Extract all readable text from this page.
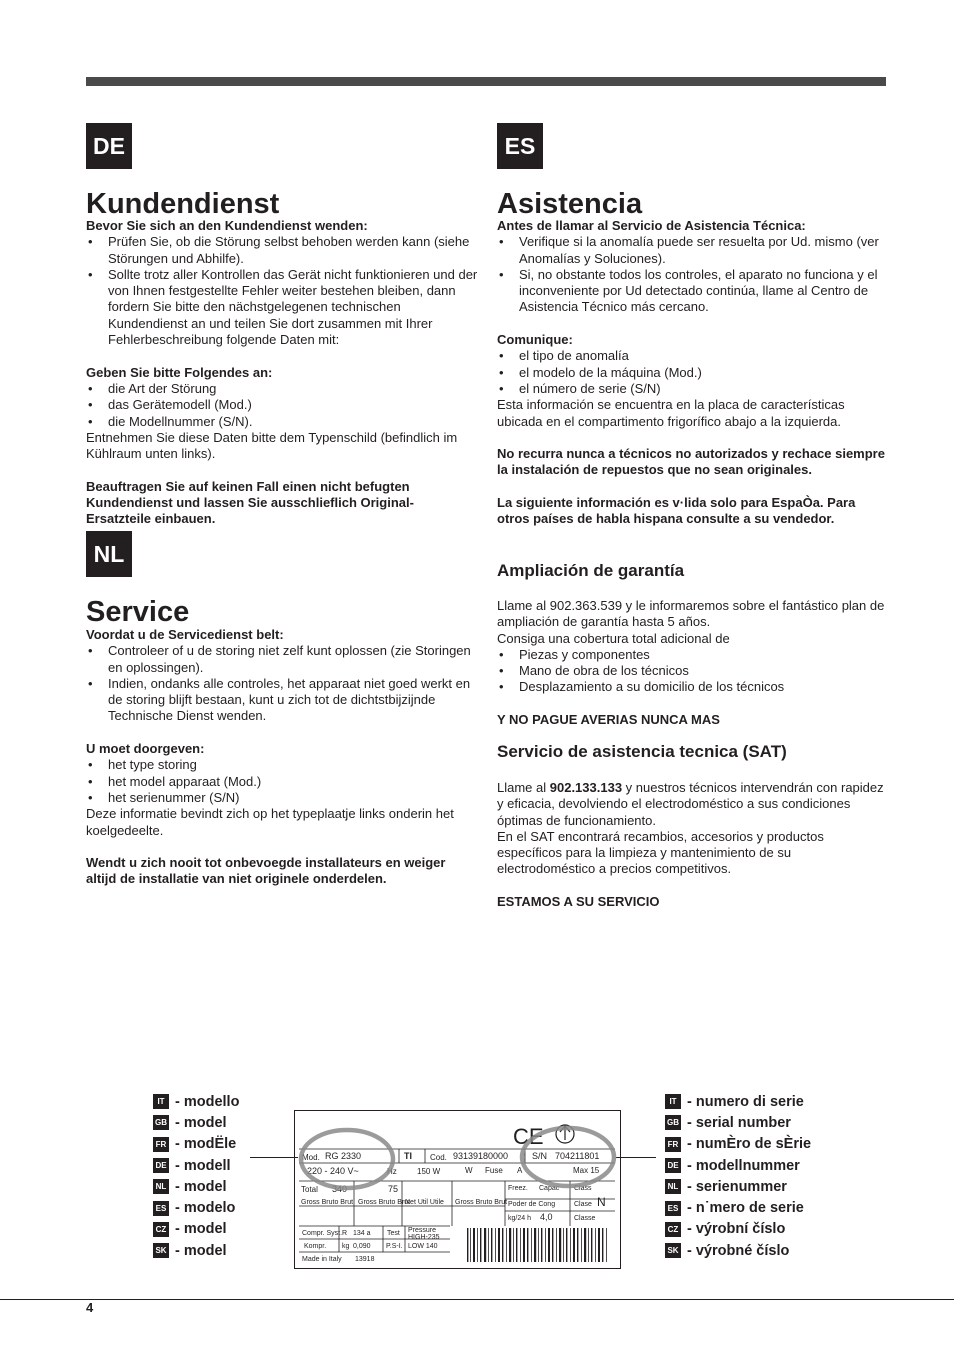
DE
Kundendienst

Bevor Sie sich an den Kundendienst wenden:

• Prüfen Sie, ob die Störung selbst behoben werden kann (siehe Störungen und Abhilfe).
• Sollte trotz aller Kontrollen das Gerät nicht funktionieren und der von Ihnen festgestellte Fehler weiter bestehen bleiben, dann fordern Sie bitte den nächstgelegenen technischen Kundendienst an und teilen Sie dort zusammen mit Ihrer Fehlerbeschreibung folgende Daten mit:

Geben Sie bitte Folgendes an:

• die Art der Störung
• das Gerätemodell (Mod.)
• die Modellnummer (S/N).

Entnehmen Sie diese Daten bitte dem Typenschild (befindlich im Kühlraum unten links).

Beauftragen Sie auf keinen Fall einen nicht befugten Kundendienst und lassen Sie ausschlieflich Original-Ersatzteile einbauen.

NL
Service

Voordat u de Servicedienst belt:

• Controleer of u de storing niet zelf kunt oplossen (zie Storingen en oplossingen).
• Indien, ondanks alle controles, het apparaat niet goed werkt en de storing blijft bestaan, kunt u zich tot de dichtstbijzijnde Technische Dienst wenden.

U moet doorgeven:

• het type storing
• het model apparaat (Mod.)
• het serienummer (S/N)

Deze informatie bevindt zich op het typeplaatje links onderin het koelgedeelte.

Wendt u zich nooit tot onbevoegde installateurs en weiger altijd de installatie van niet originele onderdelen.

ES
Asistencia

Antes de llamar al Servicio de Asistencia Técnica:

• Verifique si la anomalía puede ser resuelta por Ud. mismo (ver Anomalías y Soluciones).
• Si, no obstante todos los controles, el aparato no funciona y el inconveniente por Ud detectado continúa, llame al Centro de Asistencia Técnico más cercano.

Comunique:

• el tipo de anomalía
• el modelo de la máquina (Mod.)
• el número de serie (S/N)

Esta información se encuentra en la placa de características ubicada en el compartimento frigorífico abajo a la izquierda.

No recurra nunca a técnicos no autorizados y rechace siempre la instalación de repuestos que no sean originales.

La siguiente información es v·lida solo para EspaÒa. Para otros países de habla hispana consulte a su vendedor.

Ampliación de garantía

Llame al 902.363.539 y le informaremos sobre el fantástico plan de ampliación de garantía hasta 5 años.

Consiga una cobertura total adicional de

• Piezas y componentes
• Mano de obra de los técnicos
• Desplazamiento a su domicilio de los técnicos

Y NO PAGUE AVERIAS NUNCA MAS

Servicio de asistencia tecnica (SAT)

Llame al 902.133.133 y nuestros técnicos intervendrán con rapidez y eficacia, devolviendo el electrodoméstico a sus condiciones óptimas de funcionamiento.

En el SAT encontrará recambios, accesorios y productos específicos para la limpieza y mantenimiento de su electrodoméstico a precios competitivos.

ESTAMOS A SU SERVICIO

IT - modello
GB - model
FR - modËle
DE - modell
NL - model
ES - modelo
CZ - model
SK - model
IT - numero di serie
GB - serial number
FR - numÈro de sÈrie
DE - modellnummer
NL - serienummer
ES - n˙mero de serie
CZ - výrobní číslo
SK - výrobné číslo
Mod. RG 2330	TI Cod. 93139180000	S/N 704211801
220 - 240 V~	Hz	150 W	W Fuse A	Max 15
Total 340	75
Gross Bruto Brut Gross Bruto Brut
Net Util Utile Gross Bruto Brut
Freez. Capac Class
Poder de Cong	Clase N
kg/24 h 4,0	Classe
Compr. Syst. R 134 a Test Pressure
HIGH-235
Kompr. kg 0,090 P.S-I. LOW 140
Made in Italy 13918
CE
4
